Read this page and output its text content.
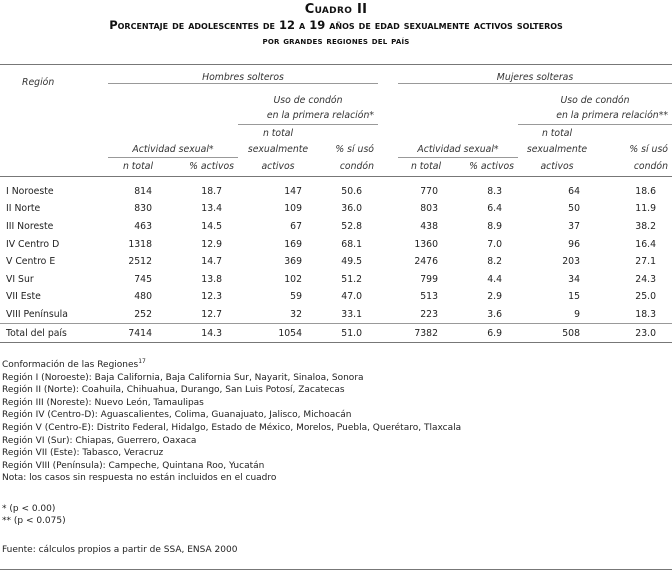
Cuadro II
Porcentaje de adolescentes de 12 a 19 años de edad sexualmente activos solteros
por grandes regiones del país
Región	Hombres solteros					Mujeres solteras			
			Uso de condón					Uso de condón	
			en la primera relación*					en la primera relación**	
			n total					n total	
	Actividad sexual*		sexualmente	% sí usó		Actividad sexual*		sexualmente	% sí usó
	n total	% activos	activos	condón		n total	% activos	activos	condón
I Noroeste	814	18.7	147	50.6		770	8.3	64	18.6
II Norte	830	13.4	109	36.0		803	6.4	50	11.9
III Noreste	463	14.5	67	52.8		438	8.9	37	38.2
IV Centro D	1318	12.9	169	68.1		1360	7.0	96	16.4
V Centro E	2512	14.7	369	49.5		2476	8.2	203	27.1
VI Sur	745	13.8	102	51.2		799	4.4	34	24.3
VII Este	480	12.3	59	47.0		513	2.9	15	25.0
VIII Península	252	12.7	32	33.1		223	3.6	9	18.3
Total del país	7414	14.3	1054	51.0		7382	6.9	508	23.0
Conformación de las Regiones$^{17}$
Región I (Noroeste): Baja California, Baja California Sur, Nayarit, Sinaloa, Sonora
Región II (Norte): Coahuila, Chihuahua, Durango, San Luis Potosí, Zacatecas
Región III (Noreste): Nuevo León, Tamaulipas
Región IV (Centro-D): Aguascalientes, Colima, Guanajuato, Jalisco, Michoacán
Región V (Centro-E): Distrito Federal, Hidalgo, Estado de México, Morelos, Puebla, Querétaro, Tlaxcala
Región VI (Sur): Chiapas, Guerrero, Oaxaca
Región VII (Este): Tabasco, Veracruz
Región VIII (Península): Campeche, Quintana Roo, Yucatán
Nota: los casos sin respuesta no están incluidos en el cuadro
* (p < 0.00)
** (p < 0.075)
Fuente: cálculos propios a partir de SSA, ENSA 2000
